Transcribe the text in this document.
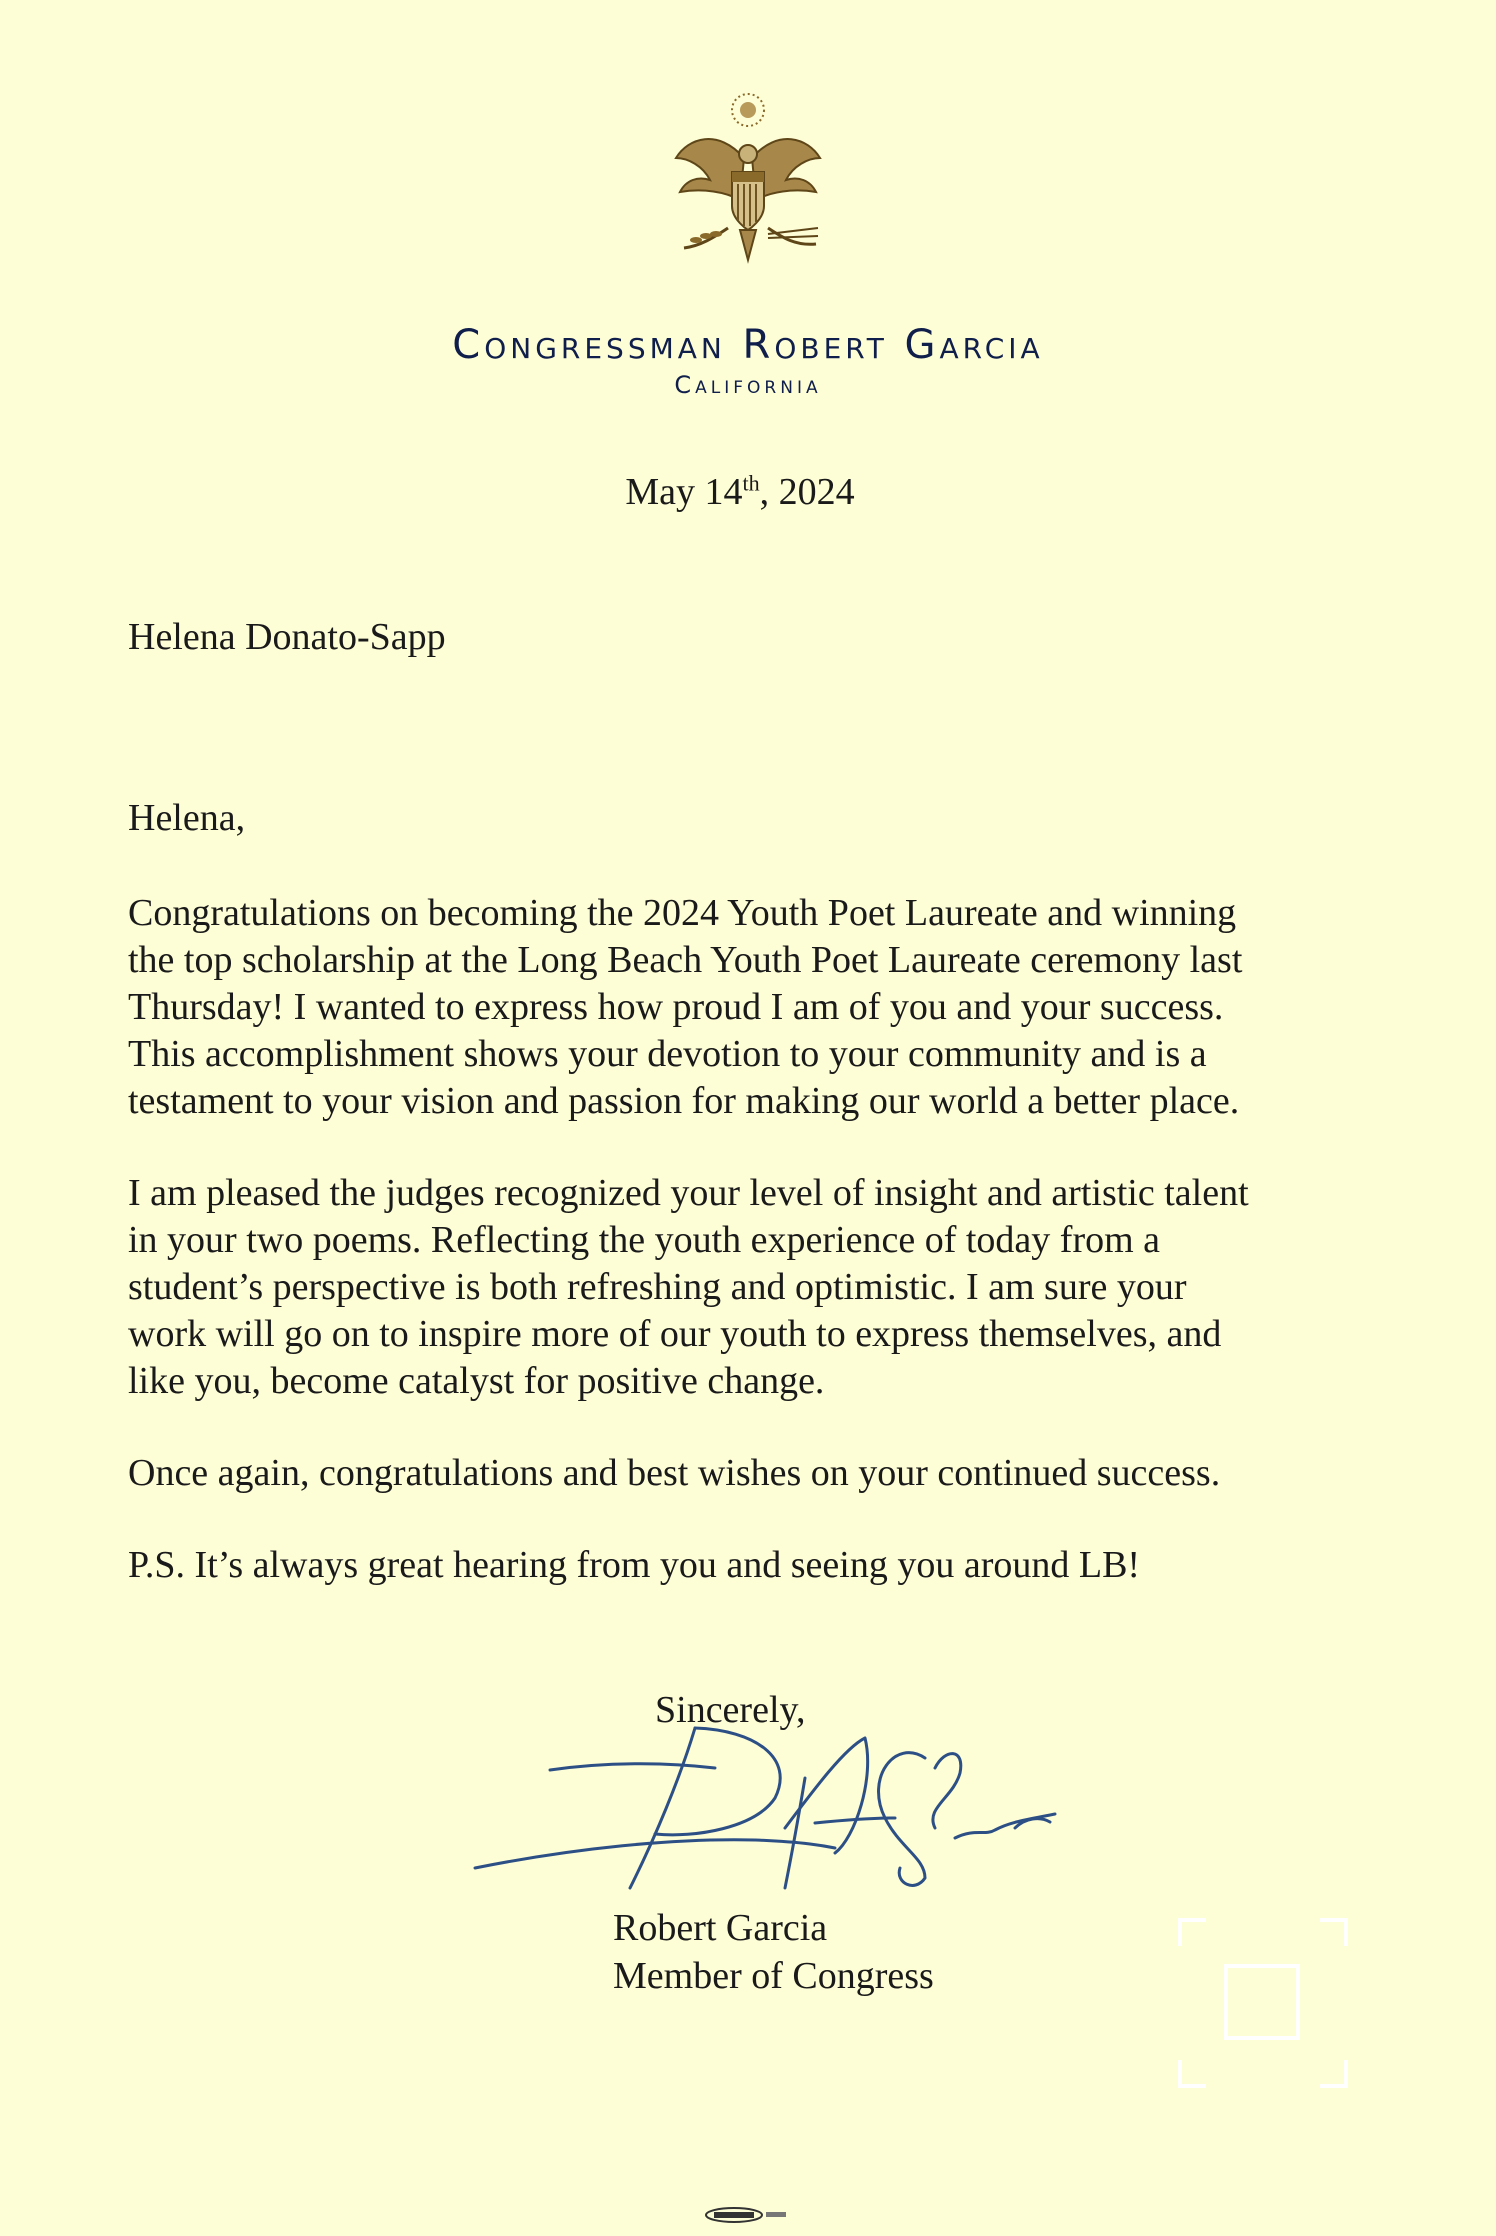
Congressman Robert Garcia
California
May 14th, 2024
Helena Donato-Sapp
Helena,

Congratulations on becoming the 2024 Youth Poet Laureate and winning
the top scholarship at the Long Beach Youth Poet Laureate ceremony last
Thursday! I wanted to express how proud I am of you and your success.
This accomplishment shows your devotion to your community and is a
testament to your vision and passion for making our world a better place.

I am pleased the judges recognized your level of insight and artistic talent
in your two poems. Reflecting the youth experience of today from a
student’s perspective is both refreshing and optimistic. I am sure your
work will go on to inspire more of our youth to express themselves, and
like you, become catalyst for positive change.

Once again, congratulations and best wishes on your continued success.

P.S. It’s always great hearing from you and seeing you around LB!

Sincerely,
Robert Garcia
Member of Congress
